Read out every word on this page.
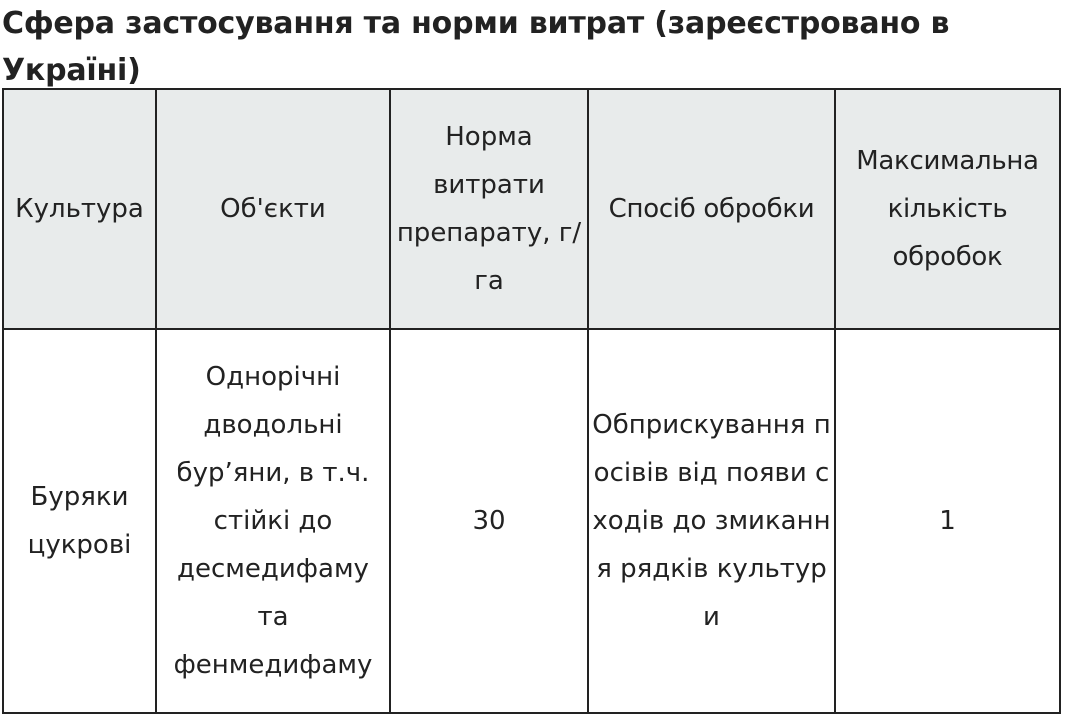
Сфера застосування та норми витрат (зареєстровано в Україні)
Культура	Об'єкти	Норма витрати препарату, г/га	Спосіб обробки	Максимальна кількість обробок
Буряки цукрові	Однорічні дводольні бур’яни, в т.ч. стійкі до десмедифаму та фенмедифаму	30	Обприскування посівів від появи сходів до змикання рядків культури	1
